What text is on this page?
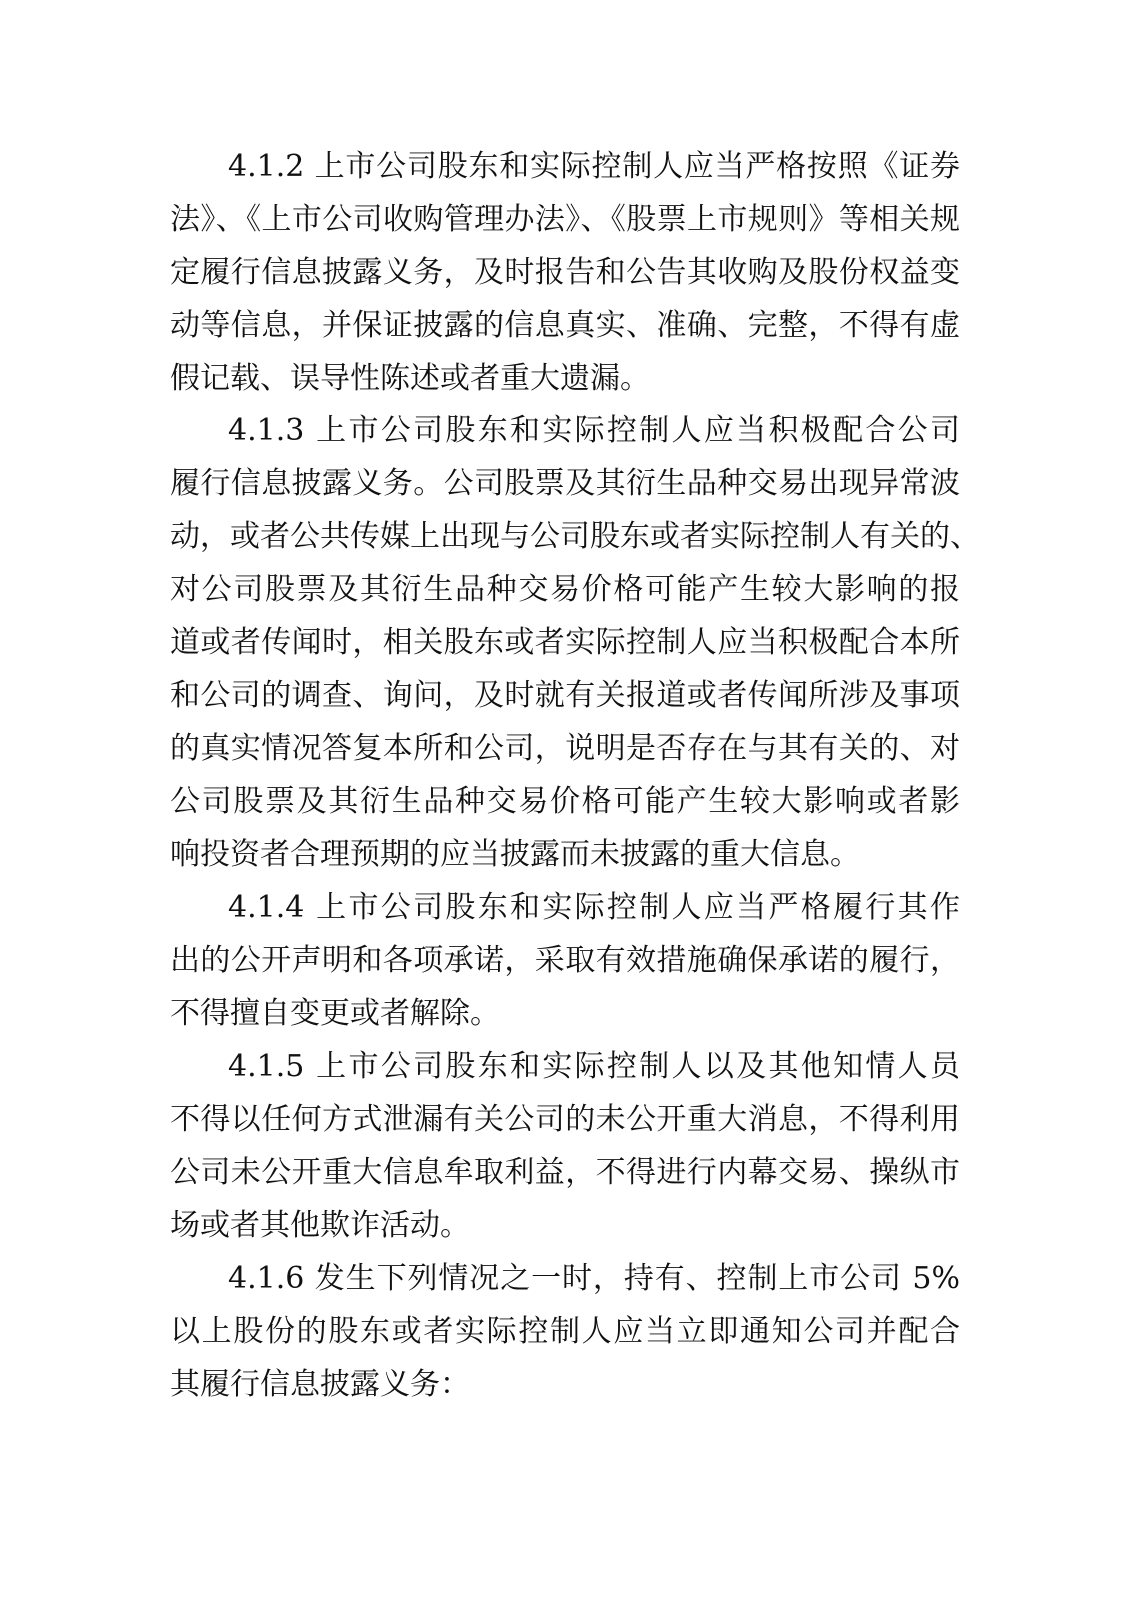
4.1.2 上市公司股东和实际控制人应当严格按照《证券
法》、《上市公司收购管理办法》、《股票上市规则》等相关规
定履行信息披露义务，及时报告和公告其收购及股份权益变
动等信息，并保证披露的信息真实、准确、完整，不得有虚
假记载、误导性陈述或者重大遗漏。
4.1.3 上市公司股东和实际控制人应当积极配合公司
履行信息披露义务。公司股票及其衍生品种交易出现异常波
动，或者公共传媒上出现与公司股东或者实际控制人有关的、
对公司股票及其衍生品种交易价格可能产生较大影响的报
道或者传闻时，相关股东或者实际控制人应当积极配合本所
和公司的调查、询问，及时就有关报道或者传闻所涉及事项
的真实情况答复本所和公司，说明是否存在与其有关的、对
公司股票及其衍生品种交易价格可能产生较大影响或者影
响投资者合理预期的应当披露而未披露的重大信息。
4.1.4 上市公司股东和实际控制人应当严格履行其作
出的公开声明和各项承诺，采取有效措施确保承诺的履行，
不得擅自变更或者解除。
4.1.5 上市公司股东和实际控制人以及其他知情人员
不得以任何方式泄漏有关公司的未公开重大消息，不得利用
公司未公开重大信息牟取利益，不得进行内幕交易、操纵市
场或者其他欺诈活动。
4.1.6 发生下列情况之一时，持有、控制上市公司 5%
以上股份的股东或者实际控制人应当立即通知公司并配合
其履行信息披露义务：
